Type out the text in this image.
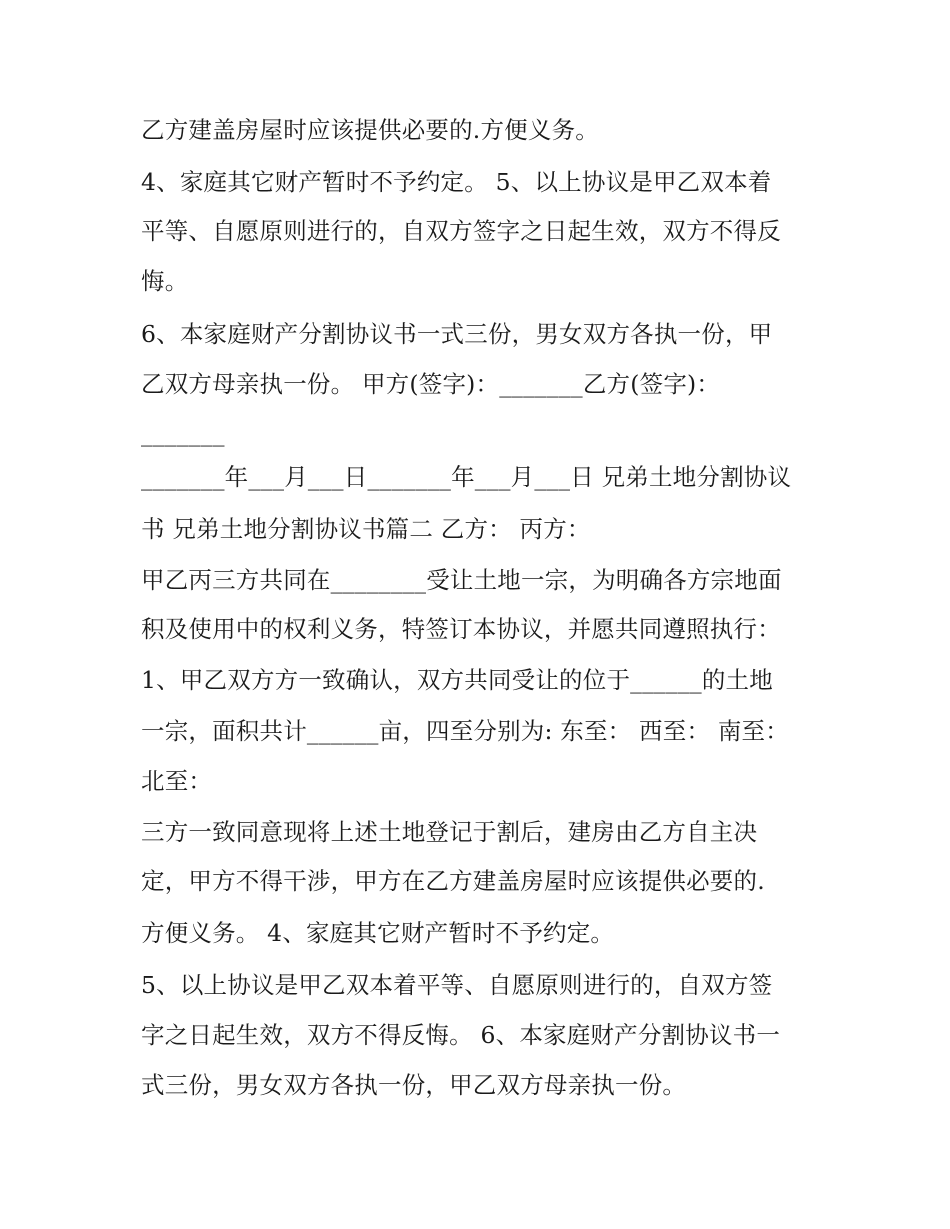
乙方建盖房屋时应该提供必要的.方便义务。
4、家庭其它财产暂时不予约定。 5、以上协议是甲乙双本着
平等、自愿原则进行的，自双方签字之日起生效，双方不得反
悔。
6、本家庭财产分割协议书一式三份，男女双方各执一份，甲
乙双方母亲执一份。 甲方(签字)：_______乙方(签字)：
_______
_______年___月___日_______年___月___日 兄弟土地分割协议
书 兄弟土地分割协议书篇二 乙方： 丙方：
甲乙丙三方共同在________受让土地一宗，为明确各方宗地面
积及使用中的权利义务，特签订本协议，并愿共同遵照执行：
1、甲乙双方方一致确认，双方共同受让的位于______的土地
一宗，面积共计______亩，四至分别为: 东至： 西至： 南至：
北至：
三方一致同意现将上述土地登记于割后，建房由乙方自主决
定，甲方不得干涉，甲方在乙方建盖房屋时应该提供必要的.
方便义务。 4、家庭其它财产暂时不予约定。
5、以上协议是甲乙双本着平等、自愿原则进行的，自双方签
字之日起生效，双方不得反悔。 6、本家庭财产分割协议书一
式三份，男女双方各执一份，甲乙双方母亲执一份。
